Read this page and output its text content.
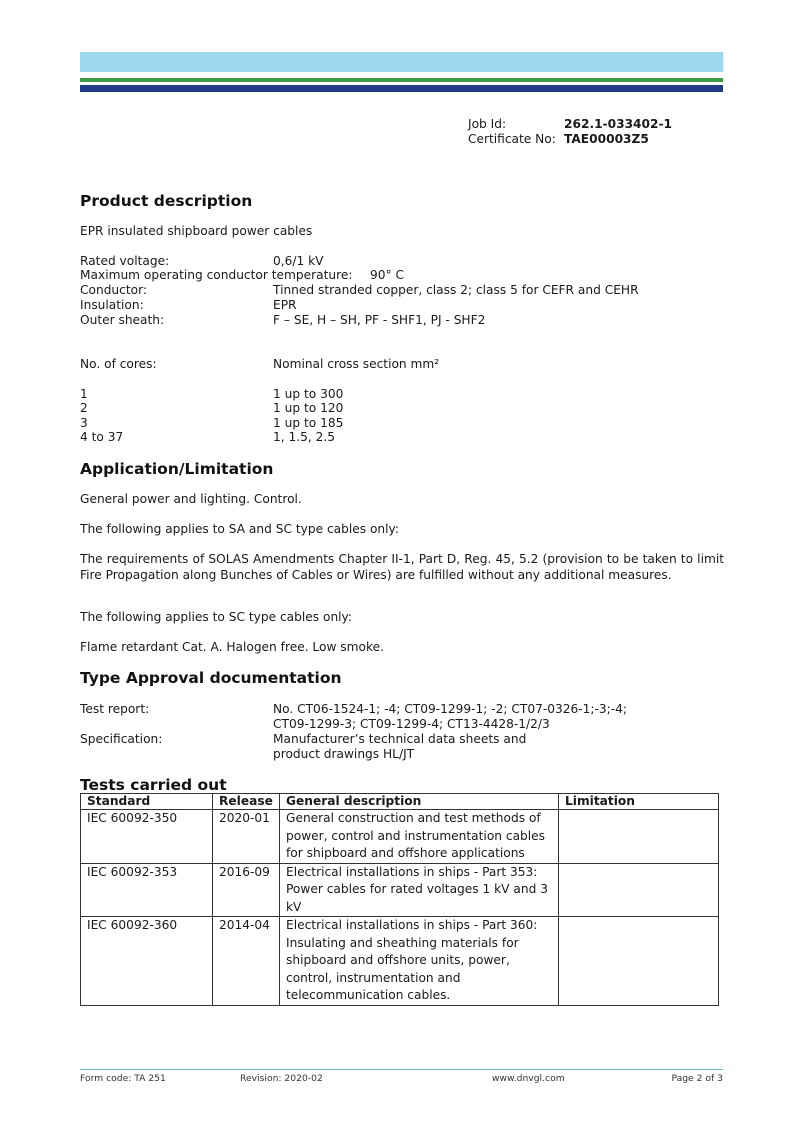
Job Id:	262.1-033402-1
Certificate No: TAE00003Z5
Product description
EPR insulated shipboard power cables
Rated voltage:	0,6/1 kV
Maximum operating conductor temperature: 90° C
Conductor:	Tinned stranded copper, class 2; class 5 for CEFR and CEHR
Insulation:	EPR
Outer sheath:	F – SE, H – SH, PF - SHF1, PJ - SHF2
No. of cores:	Nominal cross section mm²
1	1 up to 300
2	1 up to 120
3	1 up to 185
4 to 37	1, 1.5, 2.5
Application/Limitation
General power and lighting. Control.
The following applies to SA and SC type cables only:
The requirements of SOLAS Amendments Chapter II-1, Part D, Reg. 45, 5.2 (provision to be taken to limit Fire Propagation along Bunches of Cables or Wires) are fulfilled without any additional measures.
The following applies to SC type cables only:
Flame retardant Cat. A. Halogen free. Low smoke.
Type Approval documentation
Test report:	No. CT06-1524-1; -4; CT09-1299-1; -2; CT07-0326-1;-3;-4;
CT09-1299-3; CT09-1299-4; CT13-4428-1/2/3
Specification:	Manufacturer’s technical data sheets and
product drawings HL/JT
Tests carried out
Standard	Release	General description	Limitation
IEC 60092-350	2020-01	General construction and test methods of power, control and instrumentation cables for shipboard and offshore applications	
IEC 60092-353	2016-09	Electrical installations in ships - Part 353: Power cables for rated voltages 1 kV and 3 kV	
IEC 60092-360	2014-04	Electrical installations in ships - Part 360: Insulating and sheathing materials for shipboard and offshore units, power, control, instrumentation and telecommunication cables.	
Form code: TA 251	Revision: 2020-02	www.dnvgl.com	Page 2 of 3
